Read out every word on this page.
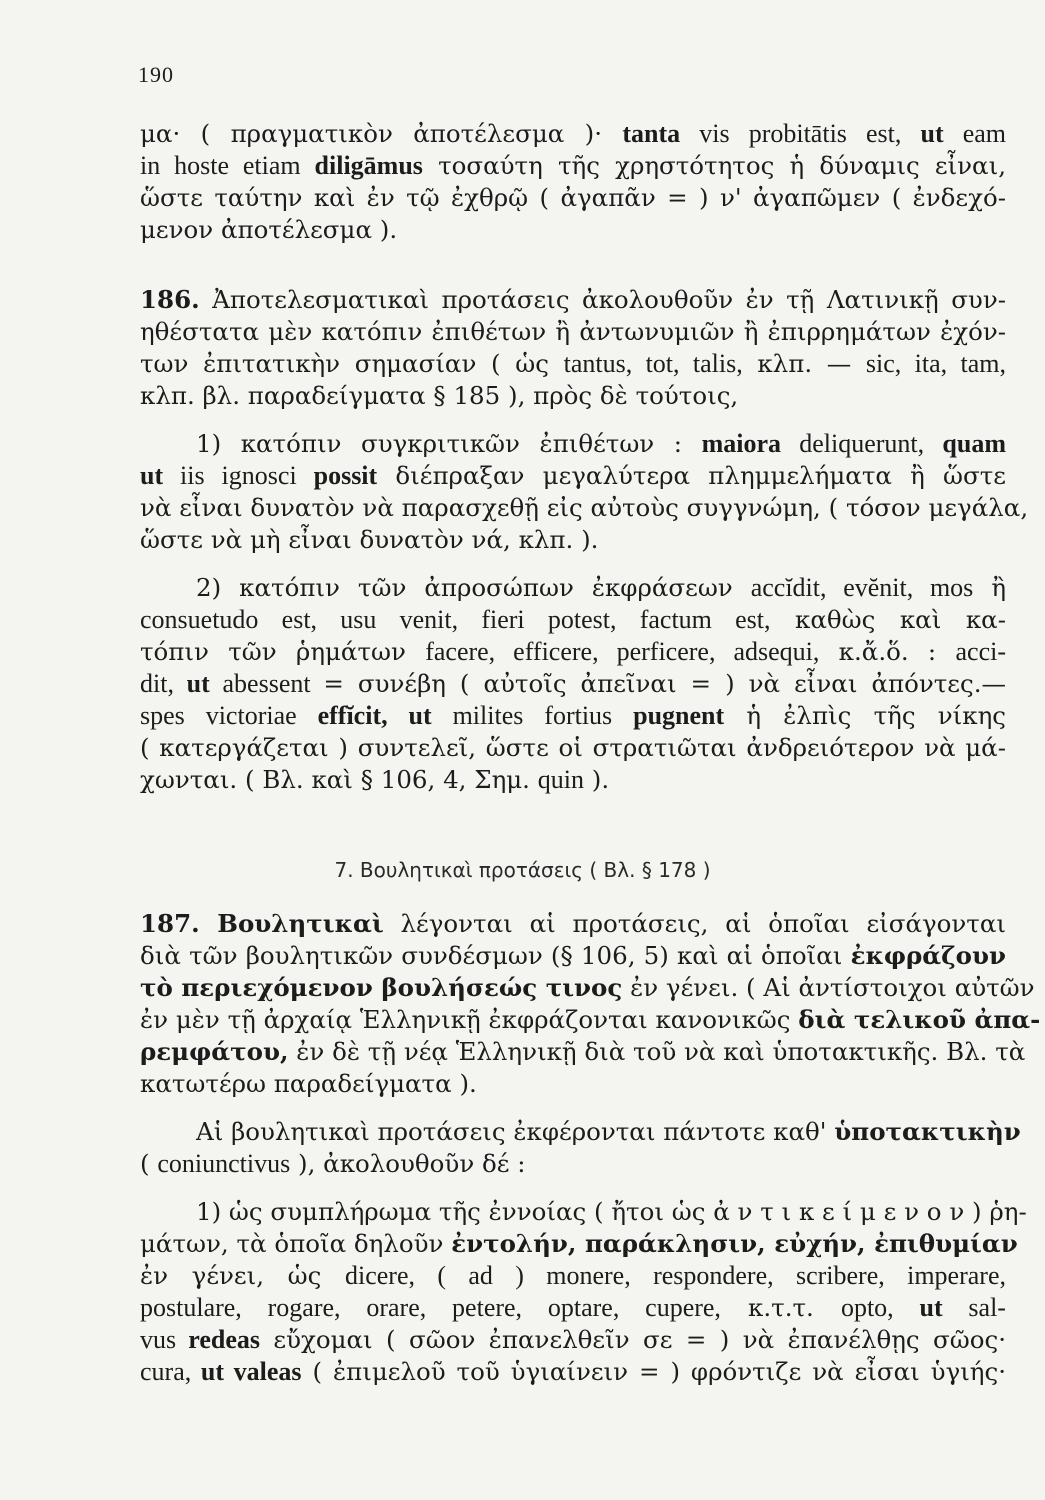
190
7. Βουλητικαὶ προτάσεις ( Βλ. § 178 )
μα· ( πραγματικὸν ἀποτέλεσμα )· tanta vis probitātis est, ut eam
in hoste etiam diligāmus τοσαύτη τῆς χρηστότητος ἡ δύναμις εἶναι,
ὥστε ταύτην καὶ ἐν τῷ ἐχθρῷ ( ἀγαπᾶν = ) ν' ἀγαπῶμεν ( ἐνδεχό-
μενον ἀποτέλεσμα ).
186. Ἀποτελεσματικαὶ προτάσεις ἀκολουθοῦν ἐν τῇ Λατινικῇ συν-
ηθέστατα μὲν κατόπιν ἐπιθέτων ἢ ἀντωνυμιῶν ἢ ἐπιρρημάτων ἐχόν-
των ἐπιτατικὴν σημασίαν ( ὡς tantus, tot, talis, κλπ. — sic, ita, tam,
κλπ. βλ. παραδείγματα § 185 ), πρὸς δὲ τούτοις,
1) κατόπιν συγκριτικῶν ἐπιθέτων : maiora deliquerunt, quam
ut iis ignosci possit διέπραξαν μεγαλύτερα πλημμελήματα ἢ ὥστε
νὰ εἶναι δυνατὸν νὰ παρασχεθῇ εἰς αὐτοὺς συγγνώμη, ( τόσον μεγάλα,
ὥστε νὰ μὴ εἶναι δυνατὸν νά, κλπ. ).
2) κατόπιν τῶν ἀπροσώπων ἐκφράσεων accĭdit, evĕnit, mos ἢ
consuetudo est, usu venit, fieri potest, factum est, καθὼς καὶ κα-
τόπιν τῶν ῥημάτων facere, efficere, perficere, adsequi, κ.ἄ.ὅ. : acci-
dit, ut abessent = συνέβη ( αὐτοῖς ἀπεῖναι = ) νὰ εἶναι ἀπόντες.—
spes victoriae effĭcit, ut milites fortius pugnent ἡ ἐλπὶς τῆς νίκης
( κατεργάζεται ) συντελεῖ, ὥστε οἱ στρατιῶται ἀνδρειότερον νὰ μά-
χωνται. ( Βλ. καὶ § 106, 4, Σημ. quin ).
187. Βουλητικαὶ λέγονται αἱ προτάσεις, αἱ ὁποῖαι εἰσάγονται
διὰ τῶν βουλητικῶν συνδέσμων (§ 106, 5) καὶ αἱ ὁποῖαι ἐκφράζουν
τὸ περιεχόμενον βουλήσεώς τινος ἐν γένει. ( Αἱ ἀντίστοιχοι αὐτῶν
ἐν μὲν τῇ ἀρχαίᾳ Ἑλληνικῇ ἐκφράζονται κανονικῶς διὰ τελικοῦ ἀπα-
ρεμφάτου, ἐν δὲ τῇ νέᾳ Ἑλληνικῇ διὰ τοῦ νὰ καὶ ὑποτακτικῆς. Βλ. τὰ
κατωτέρω παραδείγματα ).
Αἱ βουλητικαὶ προτάσεις ἐκφέρονται πάντοτε καθ' ὑποτακτικὴν
( coniunctivus ), ἀκολουθοῦν δέ :
1) ὡς συμπλήρωμα τῆς ἐννοίας ( ἤτοι ὡς ἀ ν τ ι κ ε ί μ ε ν ο ν ) ῥη-
μάτων, τὰ ὁποῖα δηλοῦν ἐντολήν, παράκλησιν, εὐχήν, ἐπιθυμίαν
ἐν γένει, ὡς dicere, ( ad ) monere, respondere, scribere, imperare,
postulare, rogare, orare, petere, optare, cupere, κ.τ.τ. opto, ut sal-
vus redeas εὔχομαι ( σῶον ἐπανελθεῖν σε = ) νὰ ἐπανέλθῃς σῶος·
cura, ut valeas ( ἐπιμελοῦ τοῦ ὑγιαίνειν = ) φρόντιζε νὰ εἶσαι ὑγιής·
